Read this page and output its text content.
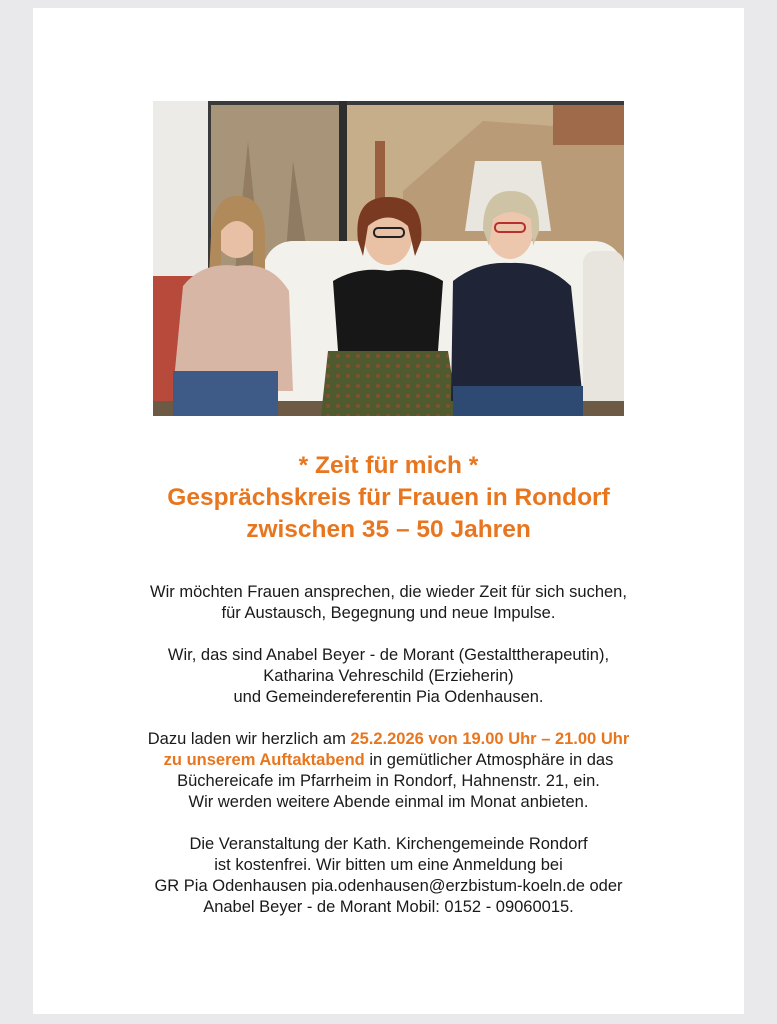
* Zeit für mich *
Gesprächskreis für Frauen in Rondorf
zwischen 35 – 50 Jahren
Wir möchten Frauen ansprechen, die wieder Zeit für sich suchen,
für Austausch, Begegnung und neue Impulse.
Wir, das sind Anabel Beyer - de Morant (Gestalttherapeutin),
Katharina Vehreschild (Erzieherin)
und Gemeindereferentin Pia Odenhausen.
Dazu laden wir herzlich am 25.2.2026 von 19.00 Uhr – 21.00 Uhr
zu unserem Auftaktabend in gemütlicher Atmosphäre in das
Büchereicafe im Pfarrheim in Rondorf, Hahnenstr. 21, ein.
Wir werden weitere Abende einmal im Monat anbieten.
Die Veranstaltung der Kath. Kirchengemeinde Rondorf
ist kostenfrei. Wir bitten um eine Anmeldung bei
GR Pia Odenhausen pia.odenhausen@erzbistum-koeln.de oder
Anabel Beyer - de Morant Mobil: 0152 - 09060015.
